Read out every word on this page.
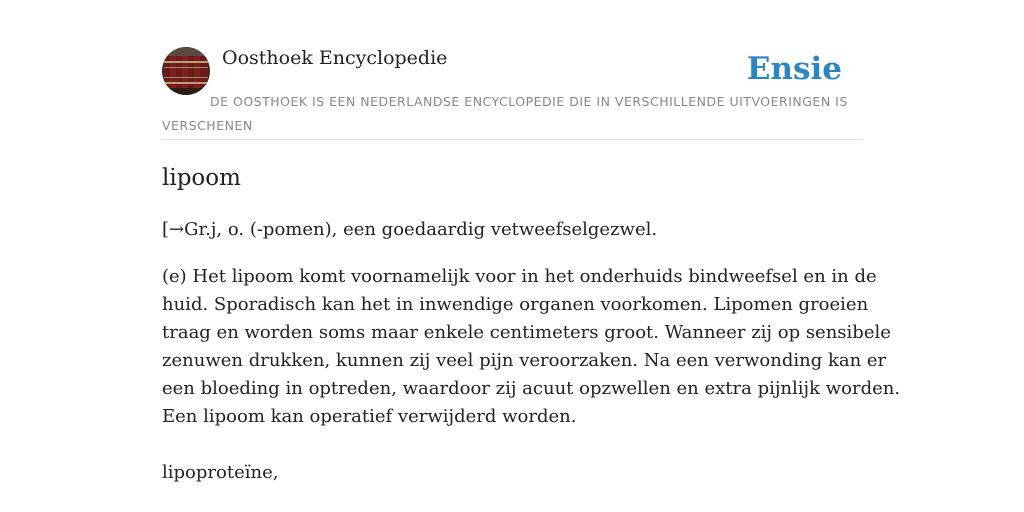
Oosthoek Encyclopedie	Ensie
DE OOSTHOEK IS EEN NEDERLANDSE ENCYCLOPEDIE DIE IN VERSCHILLENDE UITVOERINGEN IS VERSCHENEN
lipoom

[→Gr.j, o. (-pomen), een goedaardig vetweefselgezwel.

(e) Het lipoom komt voornamelijk voor in het onderhuids bindweefsel en in de
huid. Sporadisch kan het in inwendige organen voorkomen. Lipomen groeien
traag en worden soms maar enkele centimeters groot. Wanneer zij op sensibele
zenuwen drukken, kunnen zij veel pijn veroorzaken. Na een verwonding kan er
een bloeding in optreden, waardoor zij acuut opzwellen en extra pijnlijk worden.
Een lipoom kan operatief verwijderd worden.

lipoproteïne,
